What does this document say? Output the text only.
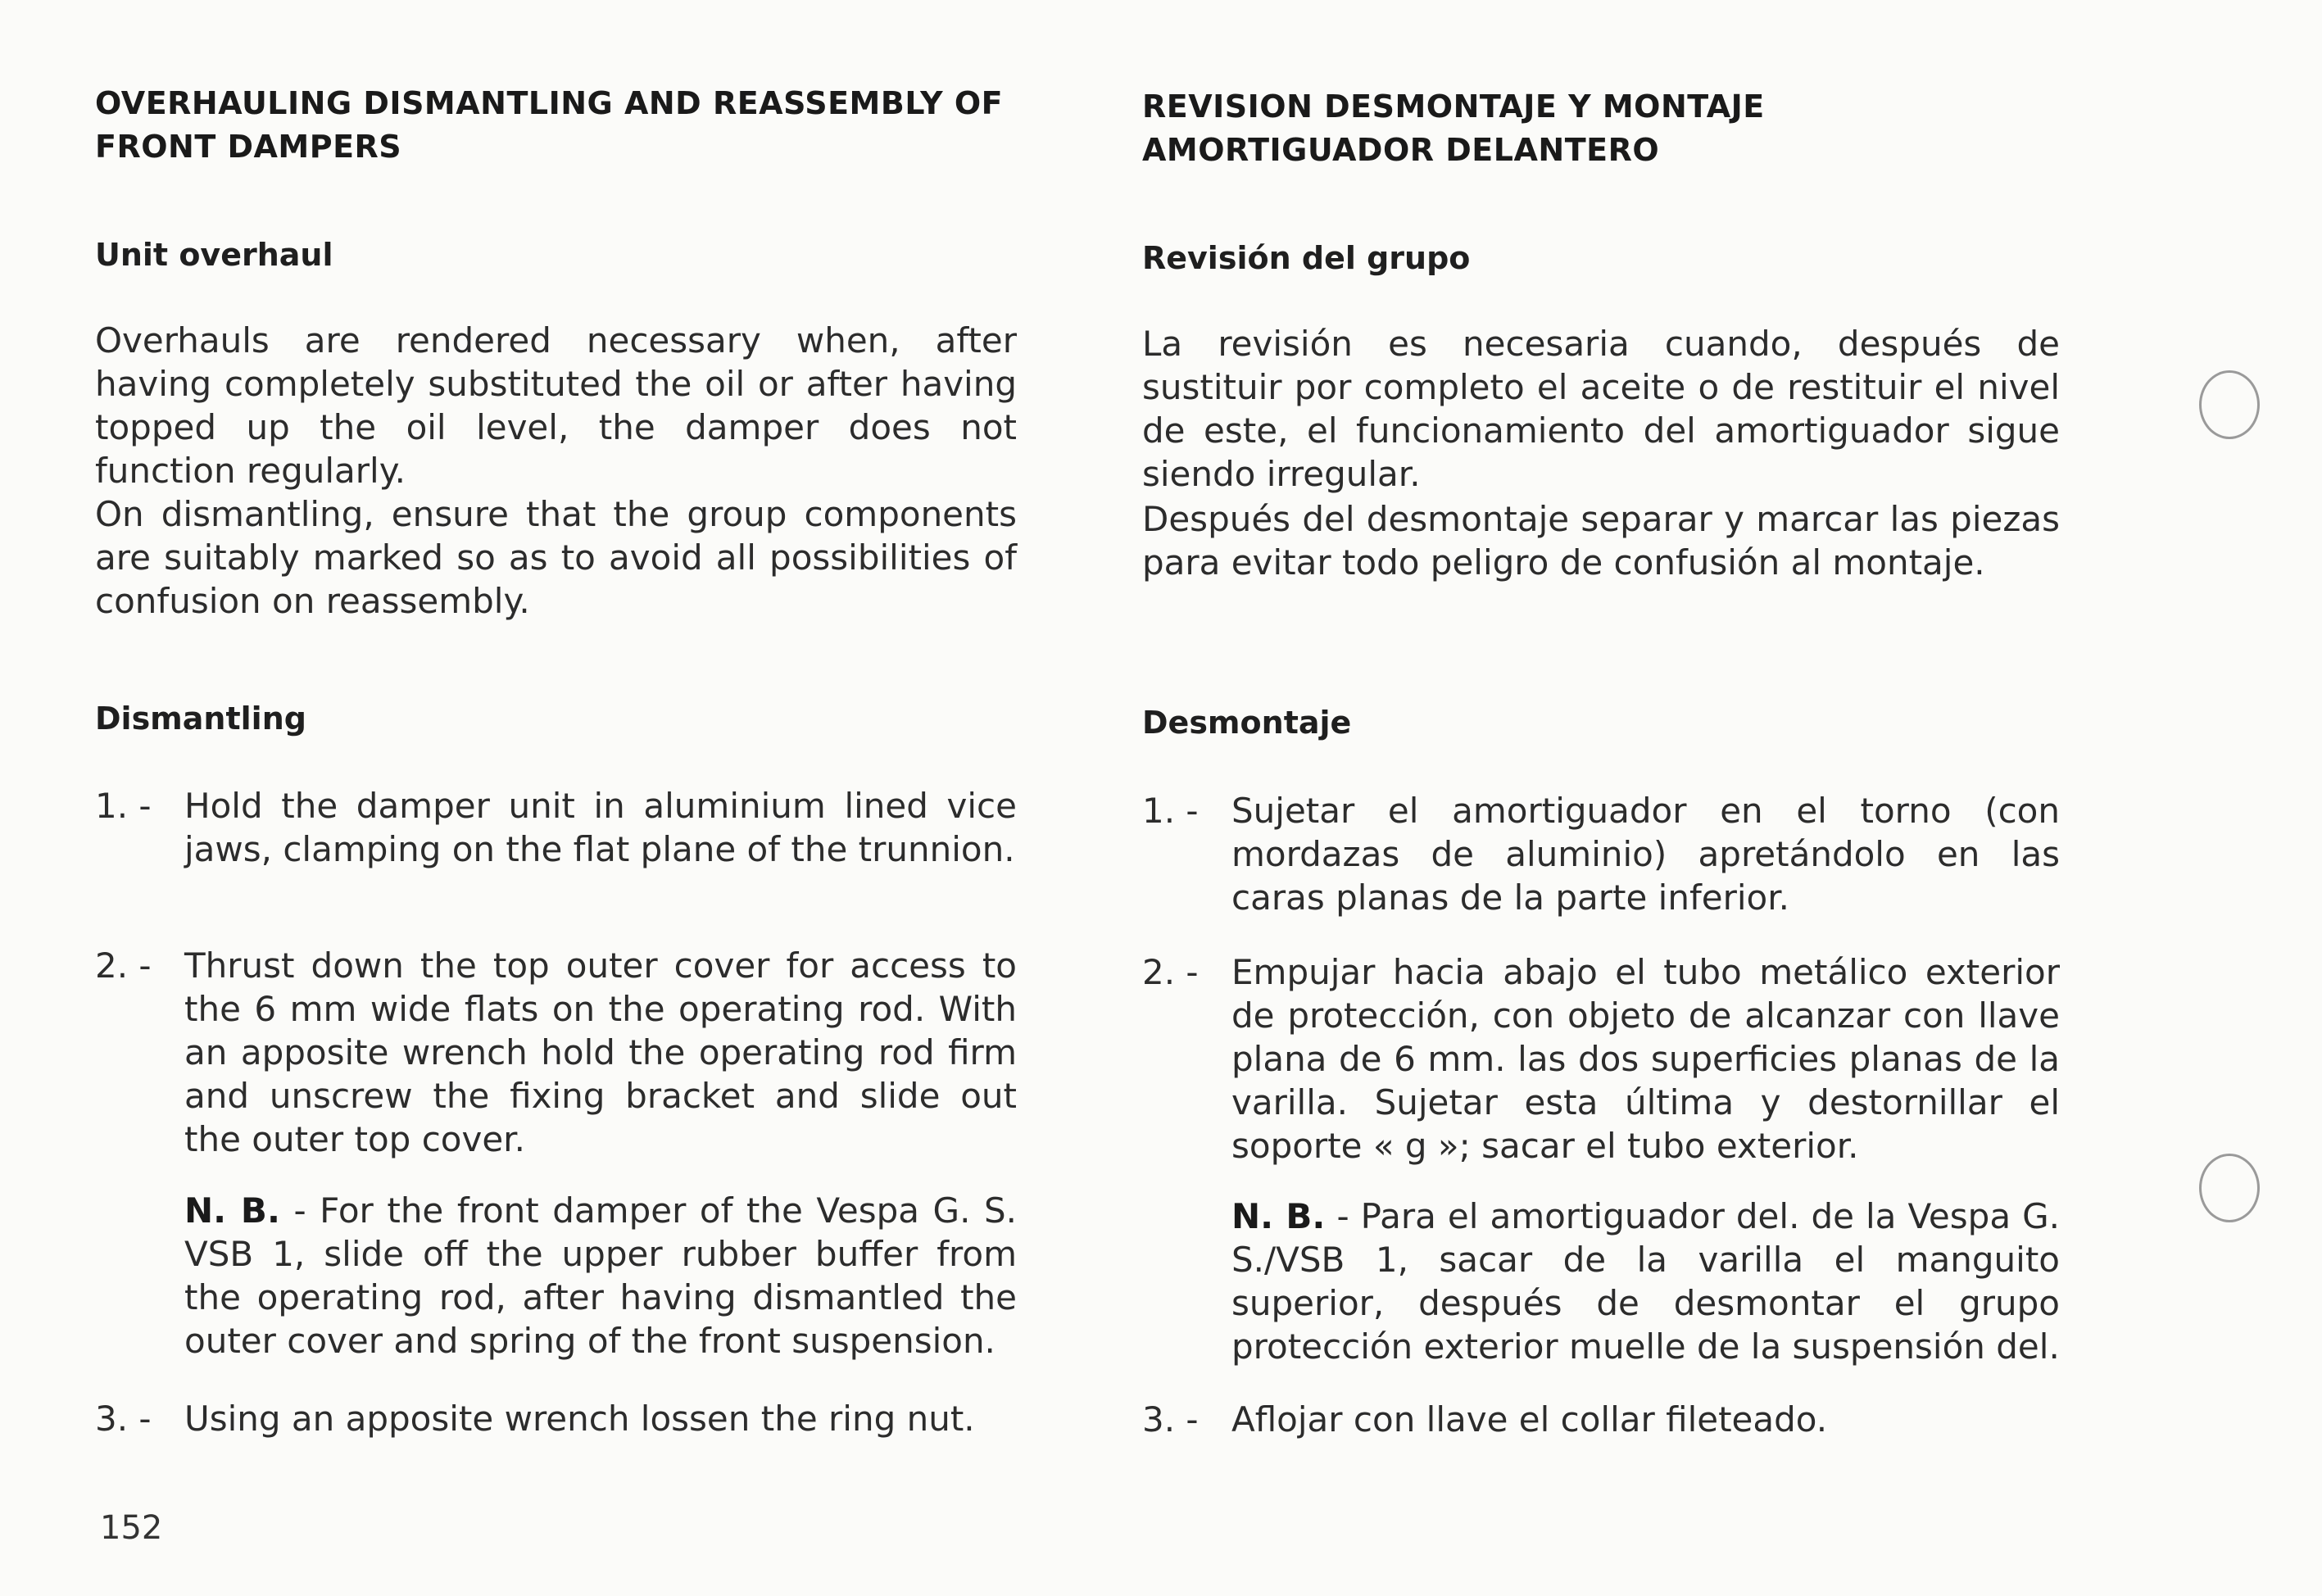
OVERHAULING DISMANTLING AND REASSEMBLY OF FRONT DAMPERS
Unit overhaul

Overhauls are rendered necessary when, after having completely substituted the oil or after having topped up the oil level, the damper does not function regularly.

On dismantling, ensure that the group components are suitably marked so as to avoid all possibilities of confusion on reassembly.

Dismantling
1. - Hold the damper unit in aluminium lined vice jaws, clamping on the flat plane of the trunnion.

2. - Thrust down the top outer cover for access to the 6 mm wide flats on the operating rod. With an apposite wrench hold the operating rod firm and unscrew the fixing bracket and slide out the outer top cover.

N. B. - For the front damper of the Vespa G. S. VSB 1, slide off the upper rubber buffer from the operating rod, after having dismantled the outer cover and spring of the front suspension.

3. - Using an apposite wrench lossen the ring nut.

REVISION DESMONTAJE Y MONTAJE AMORTIGUADOR DELANTERO
Revisión del grupo

La revisión es necesaria cuando, después de sustituir por completo el aceite o de restituir el nivel de este, el funcionamiento del amortiguador sigue siendo irregular.

Después del desmontaje separar y marcar las piezas para evitar todo peligro de confusión al montaje.

Desmontaje
1. - Sujetar el amortiguador en el torno (con mordazas de aluminio) apretándolo en las caras planas de la parte inferior.

2. - Empujar hacia abajo el tubo metálico exterior de protección, con objeto de alcanzar con llave plana de 6 mm. las dos superficies planas de la varilla. Sujetar esta última y destornillar el soporte « g »; sacar el tubo exterior.

N. B. - Para el amortiguador del. de la Vespa G. S./VSB 1, sacar de la varilla el manguito superior, después de desmontar el grupo protección exterior muelle de la suspensión del.

3. - Aflojar con llave el collar fileteado.

152
